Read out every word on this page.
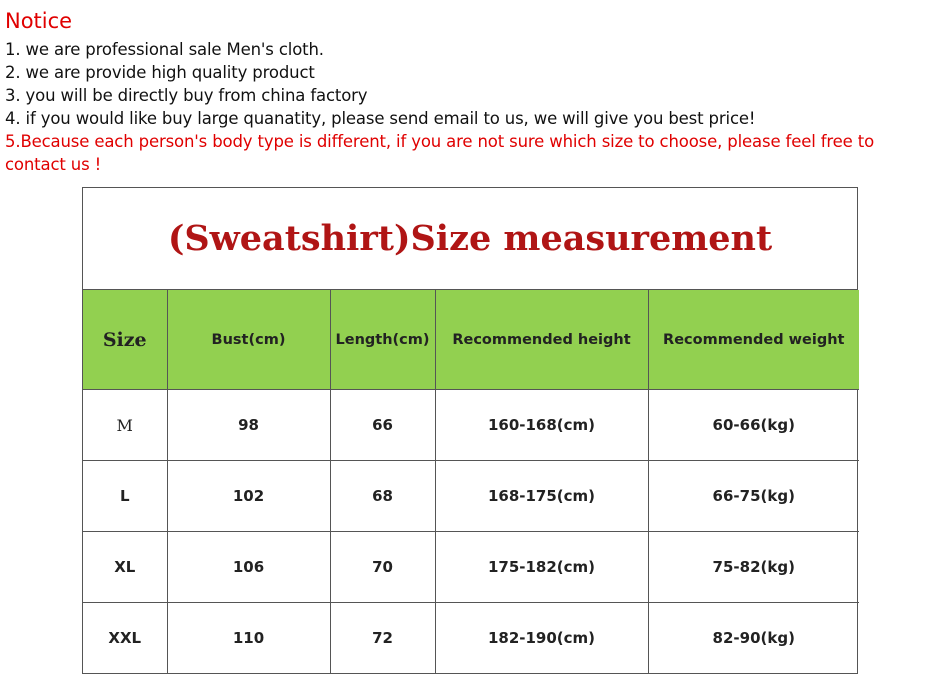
Notice
1. we are professional sale Men's cloth.
2. we are provide high quality product
3. you will be directly buy from china factory
4. if you would like buy large quanatity, please send email to us, we will give you best price!
5.Because each person's body type is different, if you are not sure which size to choose, please feel free to contact us !
(Sweatshirt)Size measurement
Size	Bust(cm)	Length(cm)	Recommended height	Recommended weight
M	98	66	160-168(cm)	60-66(kg)
L	102	68	168-175(cm)	66-75(kg)
XL	106	70	175-182(cm)	75-82(kg)
XXL	110	72	182-190(cm)	82-90(kg)
